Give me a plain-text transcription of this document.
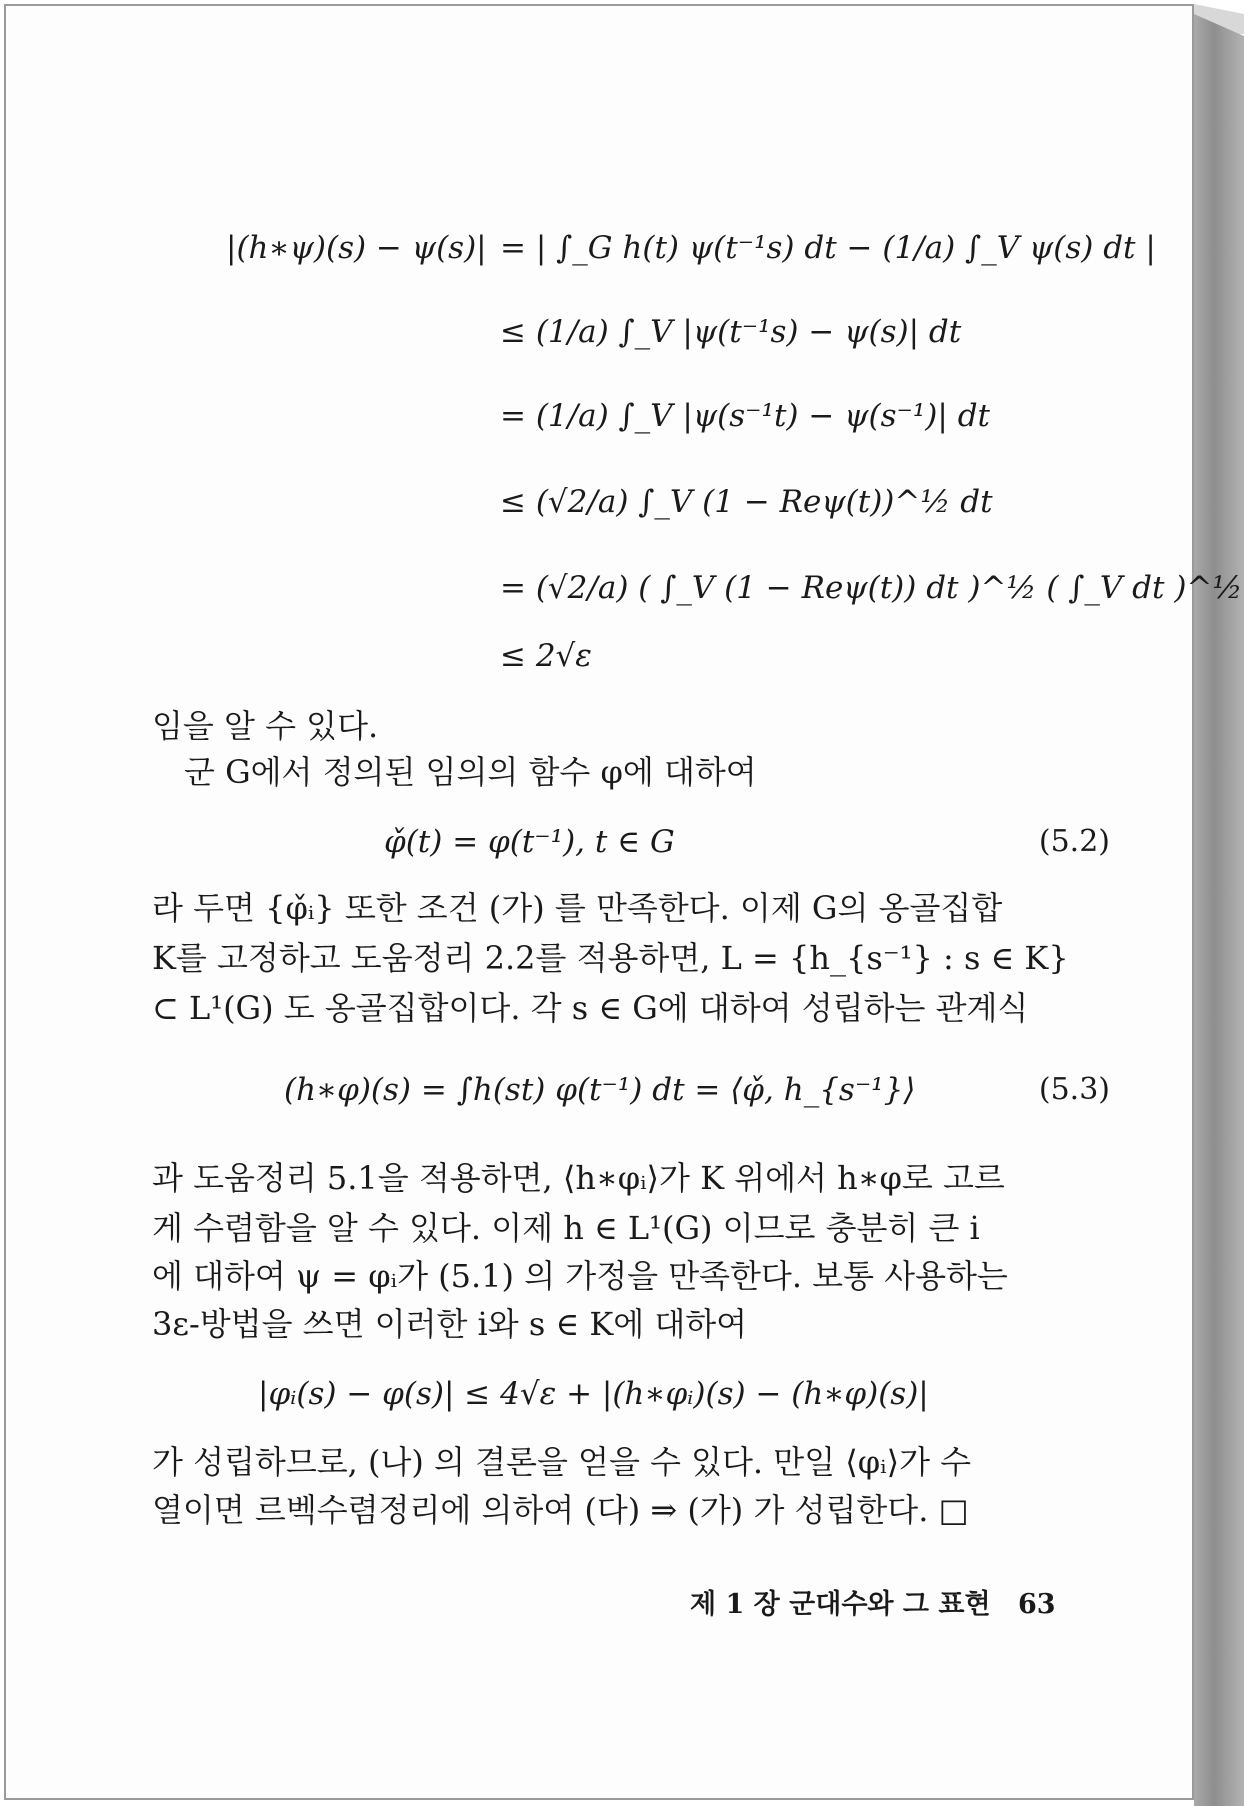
|(h∗ψ)(s) − ψ(s)| = | ∫_G h(t) ψ(t⁻¹s) dt − (1/a) ∫_V ψ(s) dt |
≤ (1/a) ∫_V |ψ(t⁻¹s) − ψ(s)| dt
= (1/a) ∫_V |ψ(s⁻¹t) − ψ(s⁻¹)| dt
≤ (√2/a) ∫_V (1 − Reψ(t))^½ dt
= (√2/a) ( ∫_V (1 − Reψ(t)) dt )^½ ( ∫_V dt )^½
≤ 2√ε
임을 알 수 있다.
군 G에서 정의된 임의의 함수 φ에 대하여
φ̌(t) = φ(t⁻¹), t ∈ G	(5.2)
라 두면 {φ̌ᵢ} 또한 조건 (가) 를 만족한다. 이제 G의 옹골집합
K를 고정하고 도움정리 2.2를 적용하면, L = {h_{s⁻¹} : s ∈ K}
⊂ L¹(G) 도 옹골집합이다. 각 s ∈ G에 대하여 성립하는 관계식
(h∗φ)(s) = ∫h(st) φ(t⁻¹) dt = ⟨φ̌, h_{s⁻¹}⟩	(5.3)
과 도움정리 5.1을 적용하면, ⟨h∗φᵢ⟩가 K 위에서 h∗φ로 고르
게 수렴함을 알 수 있다. 이제 h ∈ L¹(G) 이므로 충분히 큰 i
에 대하여 ψ = φᵢ가 (5.1) 의 가정을 만족한다. 보통 사용하는
3ε-방법을 쓰면 이러한 i와 s ∈ K에 대하여
|φᵢ(s) − φ(s)| ≤ 4√ε + |(h∗φᵢ)(s) − (h∗φ)(s)|
가 성립하므로, (나) 의 결론을 얻을 수 있다. 만일 ⟨φᵢ⟩가 수
열이면 르벡수렴정리에 의하여 (다) ⇒ (가) 가 성립한다. □
제 1 장 군대수와 그 표현 63
